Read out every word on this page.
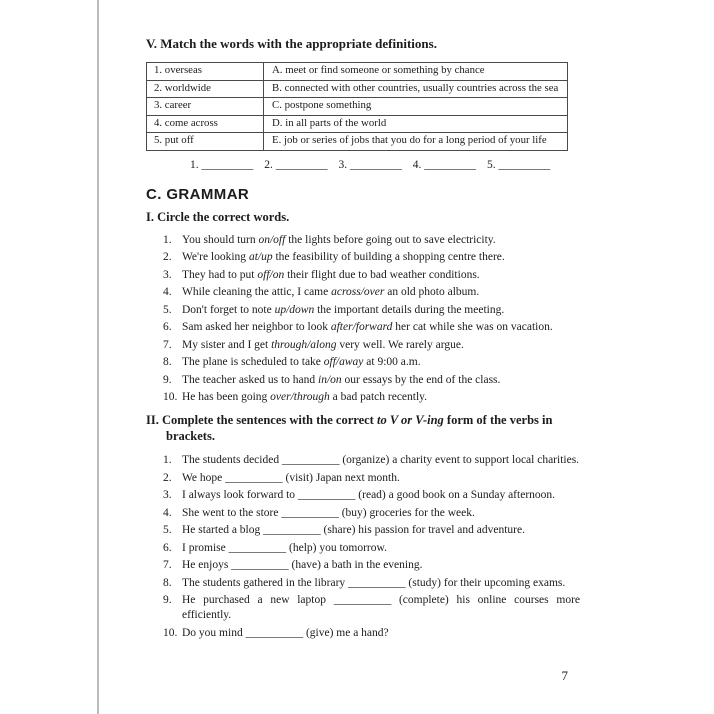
V. Match the words with the appropriate definitions.
1. overseas	A. meet or find someone or something by chance
2. worldwide	B. connected with other countries, usually countries across the sea
3. career	C. postpone something
4. come across	D. in all parts of the world
5. put off	E. job or series of jobs that you do for a long period of your life
1. _________ 2. _________ 3. _________ 4. _________ 5. _________
C. GRAMMAR
I. Circle the correct words.
1. You should turn on/off the lights before going out to save electricity.
2. We're looking at/up the feasibility of building a shopping centre there.
3. They had to put off/on their flight due to bad weather conditions.
4. While cleaning the attic, I came across/over an old photo album.
5. Don't forget to note up/down the important details during the meeting.
6. Sam asked her neighbor to look after/forward her cat while she was on vacation.
7. My sister and I get through/along very well. We rarely argue.
8. The plane is scheduled to take off/away at 9:00 a.m.
9. The teacher asked us to hand in/on our essays by the end of the class.
10. He has been going over/through a bad patch recently.
II. Complete the sentences with the correct to V or V-ing form of the verbs in brackets.
1. The students decided __________ (organize) a charity event to support local charities.
2. We hope __________ (visit) Japan next month.
3. I always look forward to __________ (read) a good book on a Sunday afternoon.
4. She went to the store __________ (buy) groceries for the week.
5. He started a blog __________ (share) his passion for travel and adventure.
6. I promise __________ (help) you tomorrow.
7. He enjoys __________ (have) a bath in the evening.
8. The students gathered in the library __________ (study) for their upcoming exams.
9. He purchased a new laptop __________ (complete) his online courses more efficiently.
10. Do you mind __________ (give) me a hand?
7
